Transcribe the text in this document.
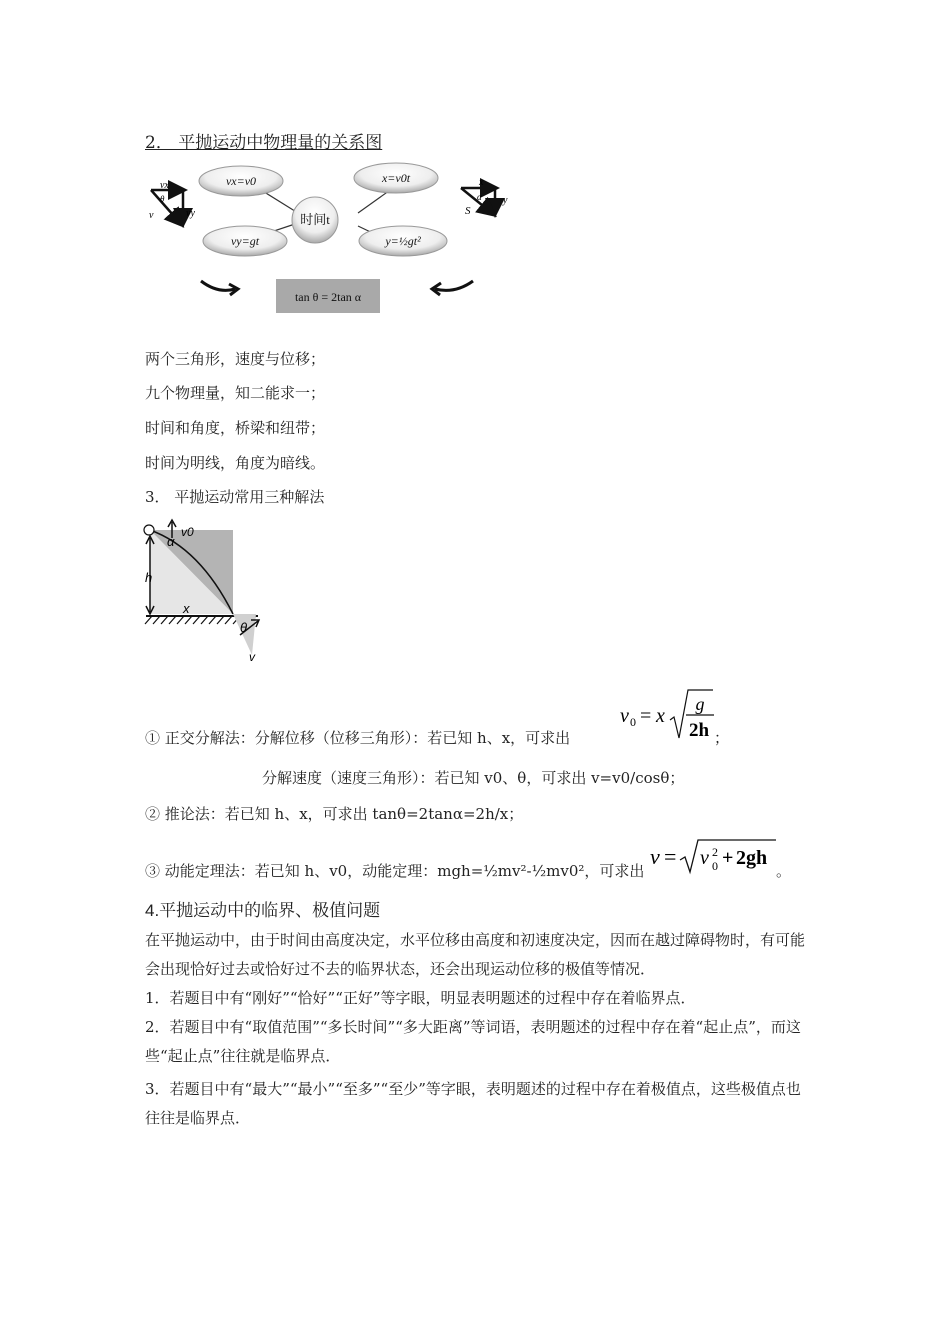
2． 平抛运动中物理量的关系图
vx=v0	x=v0t
vy=gt	y=½gt²
时间t
vx
θ
v	vy
x
α
S
y
tan θ = 2tan α
两个三角形，速度与位移；
九个物理量，知二能求一；
时间和角度，桥梁和纽带；
时间为明线，角度为暗线。
3． 平抛运动常用三种解法
v0
α
h
x
θ
v
① 正交分解法：分解位移（位移三角形）：若已知 h、x，可求出
v 0 = x
g
2h ；
分解速度（速度三角形）：若已知 v0、θ，可求出 v=v0/cosθ；
② 推论法：若已知 h、x，可求出 tanθ=2tanα=2h/x；
③ 动能定理法：若已知 h、v0，动能定理：mgh=½mv²-½mv0²，可求出
v = v 2
0 + 2gh
。
4.平抛运动中的临界、极值问题
在平抛运动中，由于时间由高度决定，水平位移由高度和初速度决定，因而在越过障碍物时，有可能会出现恰好过去或恰好过不去的临界状态，还会出现运动位移的极值等情况．
1．若题目中有“刚好”“恰好”“正好”等字眼，明显表明题述的过程中存在着临界点．
2．若题目中有“取值范围”“多长时间”“多大距离”等词语，表明题述的过程中存在着“起止点”，而这些“起止点”往往就是临界点．
3．若题目中有“最大”“最小”“至多”“至少”等字眼，表明题述的过程中存在着极值点，这些极值点也往往是临界点．
